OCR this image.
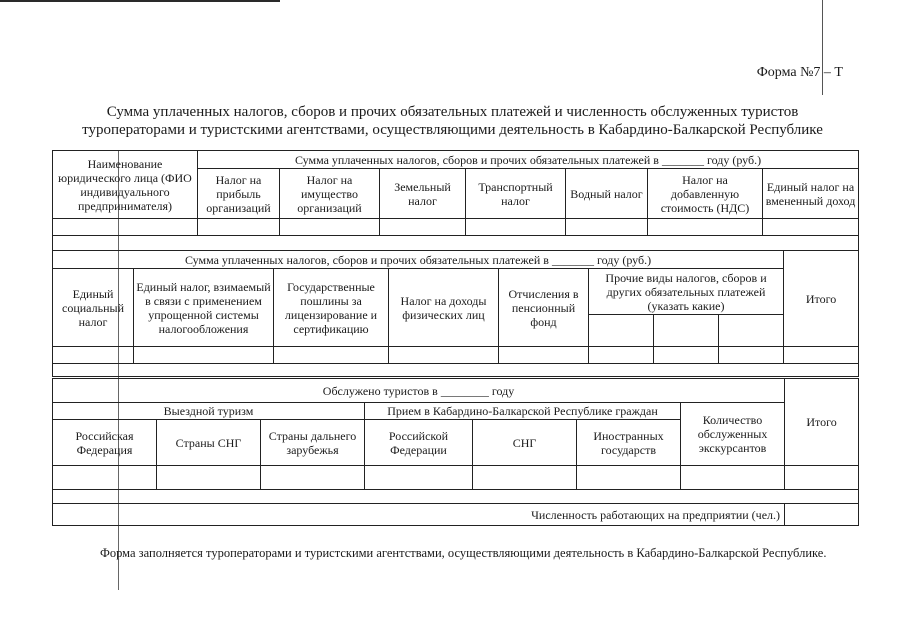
Форма №7 – Т
Сумма уплаченных налогов, сборов и прочих обязательных платежей и численность обслуженных туристов
туроператорами и туристскими агентствами, осуществляющими деятельность в Кабардино-Балкарской Республике
Наименование юридического лица (ФИО индивидуального предпринимателя)	Сумма уплаченных налогов, сборов и прочих обязательных платежей в _______ году (руб.)						
	Налог на прибыль организаций	Налог на имущество организаций	Земельный налог	Транспортный налог	Водный налог	Налог на добавленную стоимость (НДС)	Единый налог на вмененный доход

Сумма уплаченных налогов, сборов и прочих обязательных платежей в _______ году (руб.)								Итого
Единый социальный налог	Единый налог, взимаемый в связи с применением упрощенной системы налогообложения	Государственные пошлины за лицензирование и сертификацию	Налог на доходы физических лиц	Отчисления в пенсионный фонд	Прочие виды налогов, сборов и других обязательных платежей (указать какие)			

Обслужено туристов в ________ году							Итого
Выездной туризм			Прием в Кабардино-Балкарской Республике граждан			Количество обслуженных экскурсантов	
Российская Федерация	Страны СНГ	Страны дальнего зарубежья	Российской Федерации	СНГ	Иностранных государств		

Численность работающих на предприятии (чел.)							
Форма заполняется туроператорами и туристскими агентствами, осуществляющими деятельность в Кабардино-Балкарской Республике.
